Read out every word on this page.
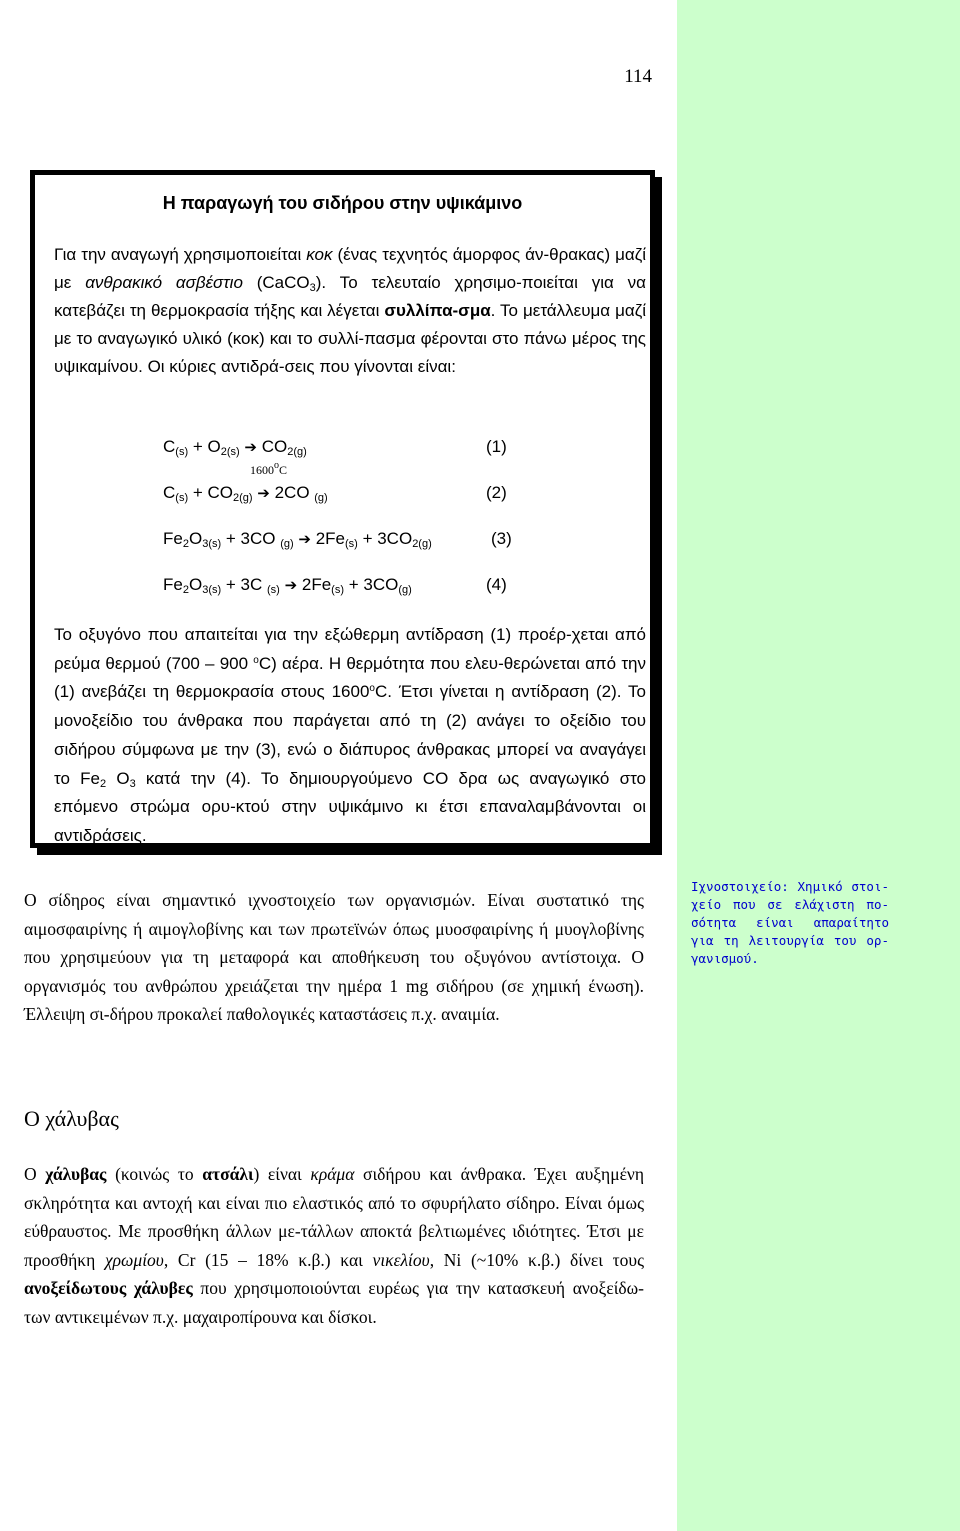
114
Η παραγωγή του σιδήρου στην υψικάμινο
Για την αναγωγή χρησιμοποιείται κοκ (ένας τεχνητός άμορφος άν-θρακας) μαζί με ανθρακικό ασβέστιο (CaCO$_3$). Το τελευταίο χρησιμο-ποιείται για να κατεβάζει τη θερμοκρασία τήξης και λέγεται συλλίπα-σμα. Το μετάλλευμα μαζί με το αναγωγικό υλικό (κοκ) και το συλλί-πασμα φέρονται στο πάνω μέρος της υψικαμίνου. Οι κύριες αντιδρά-σεις που γίνονται είναι:
$C_{(s)} + O_{2(s)}$ ➔ $CO_{2(g)}$	(1)
1600$^o$C
$C_{(s)} + CO_{2(g)}$ ➔ 2CO $_{(g)}$	(2)
$Fe_2O_{3(s)} + 3CO$ $_{(g)}$ ➔ $2Fe_{(s)} + 3CO_{2(g)}$	(3)
$Fe_2O_{3(s)} + 3C$ $_{(s)}$ ➔ $2Fe_{(s)} + 3CO_{(g)}$	(4)
Το οξυγόνο που απαιτείται για την εξώθερμη αντίδραση (1) προέρ-χεται από ρεύμα θερμού (700 – 900 $^o$C) αέρα. Η θερμότητα που ελευ-θερώνεται από την (1) ανεβάζει τη θερμοκρασία στους $1600^oC$. Έτσι γίνεται η αντίδραση (2). Το μονοξείδιο του άνθρακα που παράγεται από τη (2) ανάγει το οξείδιο του σιδήρου σύμφωνα με την (3), ενώ ο διάπυρος άνθρακας μπορεί να αναγάγει το $Fe_2$ $O_3$ κατά την (4). Το δημιουργούμενο CO δρα ως αναγωγικό στο επόμενο στρώμα ορυ-κτού στην υψικάμινο κι έτσι επαναλαμβάνονται οι αντιδράσεις.
Ο σίδηρος είναι σημαντικό ιχνοστοιχείο των οργανισμών. Είναι συστατικό της αιμοσφαιρίνης ή αιμογλοβίνης και των πρωτεϊνών όπως μυοσφαιρίνης ή μυογλοβίνης που χρησιμεύουν για τη μεταφορά και αποθήκευση του οξυγόνου αντίστοιχα. Ο οργανισμός του ανθρώπου χρειάζεται την ημέρα 1 mg σιδήρου (σε χημική ένωση). Έλλειψη σι-δήρου προκαλεί παθολογικές καταστάσεις π.χ. αναιμία.
Ιχνοστοιχείο: Χημικό στοι-χείο που σε ελάχιστη πο-σότητα είναι απαραίτητο για τη λειτουργία του ορ-γανισμού.
Ο χάλυβας
Ο χάλυβας (κοινώς το ατσάλι) είναι κράμα σιδήρου και άνθρακα. Έχει αυξημένη σκληρότητα και αντοχή και είναι πιο ελαστικός από το σφυρήλατο σίδηρο. Είναι όμως εύθραυστος. Με προσθήκη άλλων με-τάλλων αποκτά βελτιωμένες ιδιότητες. Έτσι με προσθήκη χρωμίου, Cr (15 – 18% κ.β.) και νικελίου, Ni (~10% κ.β.) δίνει τους ανοξείδωτους χάλυβες που χρησιμοποιούνται ευρέως για την κατασκευή ανοξείδω-των αντικειμένων π.χ. μαχαιροπίρουνα και δίσκοι.
